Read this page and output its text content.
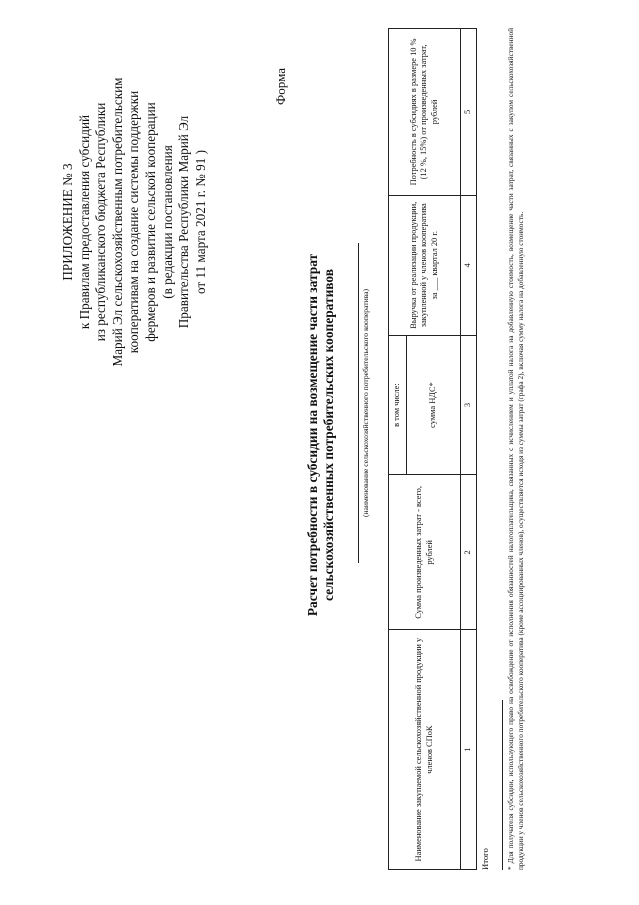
ПРИЛОЖЕНИЕ № 3 к Правилам предоставления субсидий из республиканского бюджета Республики Марий Эл сельскохозяйственным потребительским кооперативам на создание системы поддержки фермеров и развитие сельской кооперации (в редакции постановления Правительства Республики Марий Эл от 11 марта 2021 г. № 91 )
Форма
Расчет потребности в субсидии на возмещение части затрат сельскохозяйственных потребительских кооперативов	(наименование сельскохозяйственного потребительского кооператива)
Наименование закупаемой сельскохозяйственной продукции у членов СПоК	Сумма произведенных затрат - всего, рублей	в том числе:	Выручка от реализации продукции, закупленной у членов кооператива за ___ квартал 20 г.	Потребность в субсидиях в размере 10 % (12 %, 15%) от произведенных затрат, рублей
		сумма НДС*		
1	2	3	4	5
Итого * Для получателя субсидии, использующего право на освобождение от исполнения обязанностей налогоплательщика, связанных с исчислением и уплатой налога на добавленную стоимость, возмещение части затрат, связанных с закупом сельскохозяйственной продукции у членов сельскохозяйственного потребительского кооператива (кроме ассоциированных членов), осуществляется исходя из суммы затрат (графа 2), включая сумму налога на добавленную стоимость.
